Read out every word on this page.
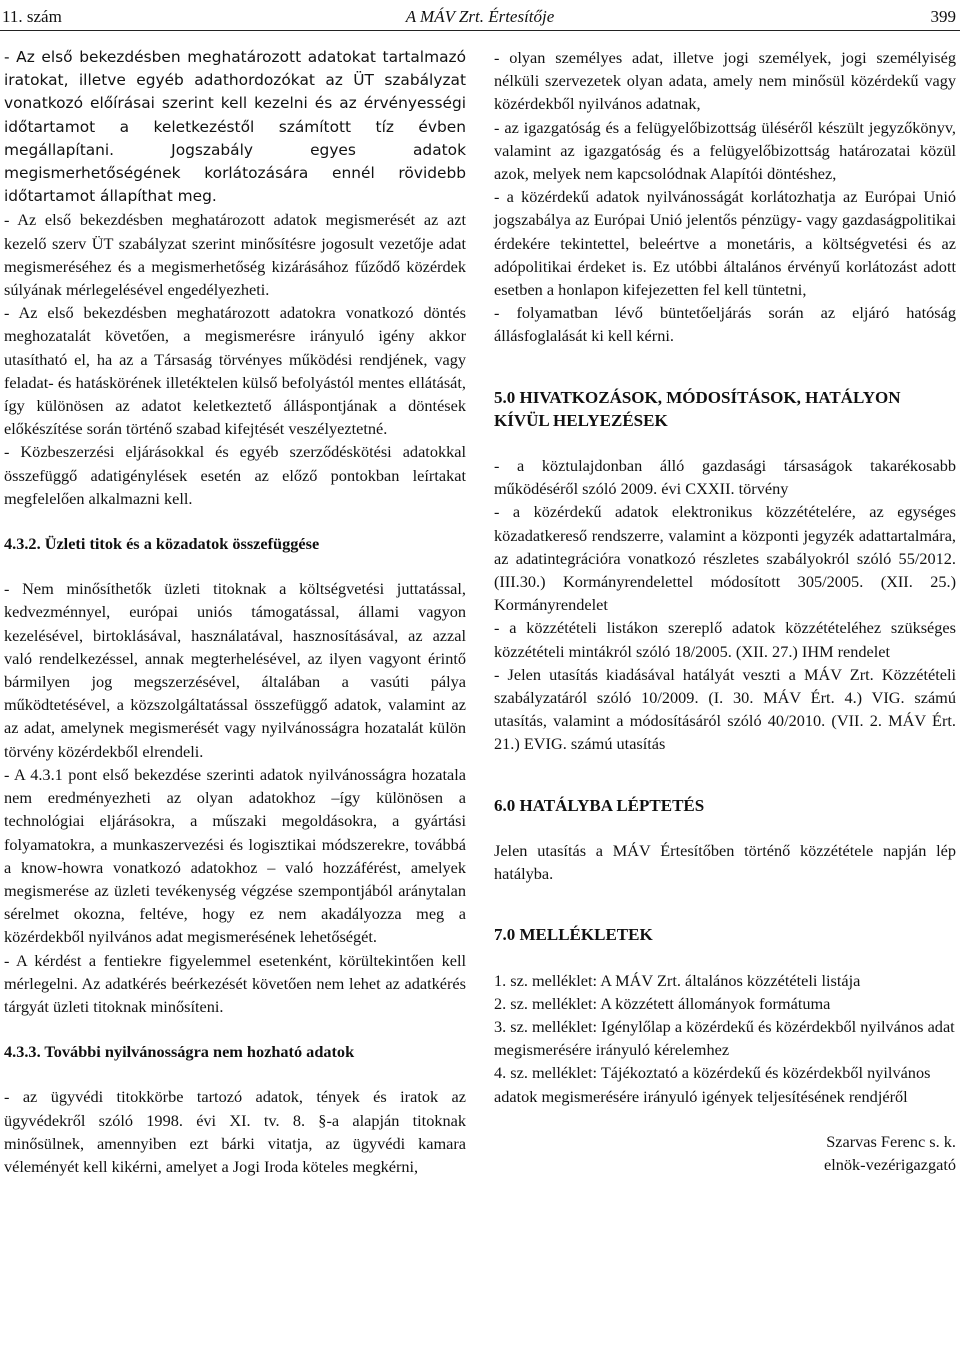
11. szám	A MÁV Zrt. Értesítője	399

- Az első bekezdésben meghatározott adatokat tartalmazó iratokat, illetve egyéb adathordozókat az ÜT szabályzat vonatkozó előírásai szerint kell kezelni és az érvényességi időtartamot a keletkezéstől számított tíz évben megállapítani. Jogszabály egyes adatok megismerhetőségének korlátozására ennél rövidebb időtartamot állapíthat meg.

- Az első bekezdésben meghatározott adatok megismerését az azt kezelő szerv ÜT szabályzat szerint minősítésre jogosult vezetője adat megismeréséhez és a megismerhetőség kizárásához fűződő közérdek súlyának mérlegelésével engedélyezheti.

- Az első bekezdésben meghatározott adatokra vonatkozó döntés meghozatalát követően, a megismerésre irányuló igény akkor utasítható el, ha az a Társaság törvényes működési rendjének, vagy feladat- és hatáskörének illetéktelen külső befolyástól mentes ellátását, így különösen az adatot keletkeztető álláspontjának a döntések előkészítése során történő szabad kifejtését veszélyeztetné.

- Közbeszerzési eljárásokkal és egyéb szerződéskötési adatokkal összefüggő adatigénylések esetén az előző pontokban leírtakat megfelelően alkalmazni kell.

4.3.2. Üzleti titok és a közadatok összefüggése

- Nem minősíthetők üzleti titoknak a költségvetési juttatással, kedvezménnyel, európai uniós támogatással, állami vagyon kezelésével, birtoklásával, használatával, hasznosításával, az azzal való rendelkezéssel, annak megterhelésével, az ilyen vagyont érintő bármilyen jog megszerzésével, általában a vasúti pálya működtetésével, a közszolgáltatással összefüggő adatok, valamint az az adat, amelynek megismerését vagy nyilvánosságra hozatalát külön törvény közérdekből elrendeli.

- A 4.3.1 pont első bekezdése szerinti adatok nyilvánosságra hozatala nem eredményezheti az olyan adatokhoz –így különösen a technológiai eljárásokra, a műszaki megoldásokra, a gyártási folyamatokra, a munkaszervezési és logisztikai módszerekre, továbbá a know-howra vonatkozó adatokhoz – való hozzáférést, amelyek megismerése az üzleti tevékenység végzése szempontjából aránytalan sérelmet okozna, feltéve, hogy ez nem akadályozza meg a közérdekből nyilvános adat megismerésének lehetőségét.

- A kérdést a fentiekre figyelemmel esetenként, körültekintően kell mérlegelni. Az adatkérés beérkezését követően nem lehet az adatkérés tárgyát üzleti titoknak minősíteni.

4.3.3. További nyilvánosságra nem hozható adatok

- az ügyvédi titokkörbe tartozó adatok, tények és iratok az ügyvédekről szóló 1998. évi XI. tv. 8. §-a alapján titoknak minősülnek, amennyiben ezt bárki vitatja, az ügyvédi kamara véleményét kell kikérni, amelyet a Jogi Iroda köteles megkérni,

- olyan személyes adat, illetve jogi személyek, jogi személyiség nélküli szervezetek olyan adata, amely nem minősül közérdekű vagy közérdekből nyilvános adatnak,

- az igazgatóság és a felügyelőbizottság üléséről készült jegyzőkönyv, valamint az igazgatóság és a felügyelőbizottság határozatai közül azok, melyek nem kapcsolódnak Alapítói döntéshez,

- a közérdekű adatok nyilvánosságát korlátozhatja az Európai Unió jogszabálya az Európai Unió jelentős pénzügy- vagy gazdaságpolitikai érdekére tekintettel, beleértve a monetáris, a költségvetési és az adópolitikai érdeket is. Ez utóbbi általános érvényű korlátozást adott esetben a honlapon kifejezetten fel kell tüntetni,

- folyamatban lévő büntetőeljárás során az eljáró hatóság állásfoglalását ki kell kérni.

5.0 HIVATKOZÁSOK, MÓDOSÍTÁSOK, HATÁLYON KÍVÜL HELYEZÉSEK

- a köztulajdonban álló gazdasági társaságok takarékosabb működéséről szóló 2009. évi CXXII. törvény

- a közérdekű adatok elektronikus közzétételére, az egységes közadatkereső rendszerre, valamint a központi jegyzék adattartalmára, az adatintegrációra vonatkozó részletes szabályokról szóló 55/2012. (III.30.) Kormányrendelettel módosított 305/2005. (XII. 25.) Kormányrendelet

- a közzétételi listákon szereplő adatok közzétételéhez szükséges közzétételi mintákról szóló 18/2005. (XII. 27.) IHM rendelet

- Jelen utasítás kiadásával hatályát veszti a MÁV Zrt. Közzétételi szabályzatáról szóló 10/2009. (I. 30. MÁV Ért. 4.) VIG. számú utasítás, valamint a módosításáról szóló 40/2010. (VII. 2. MÁV Ért. 21.) EVIG. számú utasítás

6.0 HATÁLYBA LÉPTETÉS

Jelen utasítás a MÁV Értesítőben történő közzététele napján lép hatályba.

7.0 MELLÉKLETEK

1. sz. melléklet: A MÁV Zrt. általános közzétételi listája

2. sz. melléklet: A közzétett állományok formátuma

3. sz. melléklet: Igénylőlap a közérdekű és közérdekből nyilvános adat megismerésére irányuló kérelemhez

4. sz. melléklet: Tájékoztató a közérdekű és közérdekből nyilvános adatok megismerésére irányuló igények teljesítésének rendjéről

Szarvas Ferenc s. k.

elnök-vezérigazgató
